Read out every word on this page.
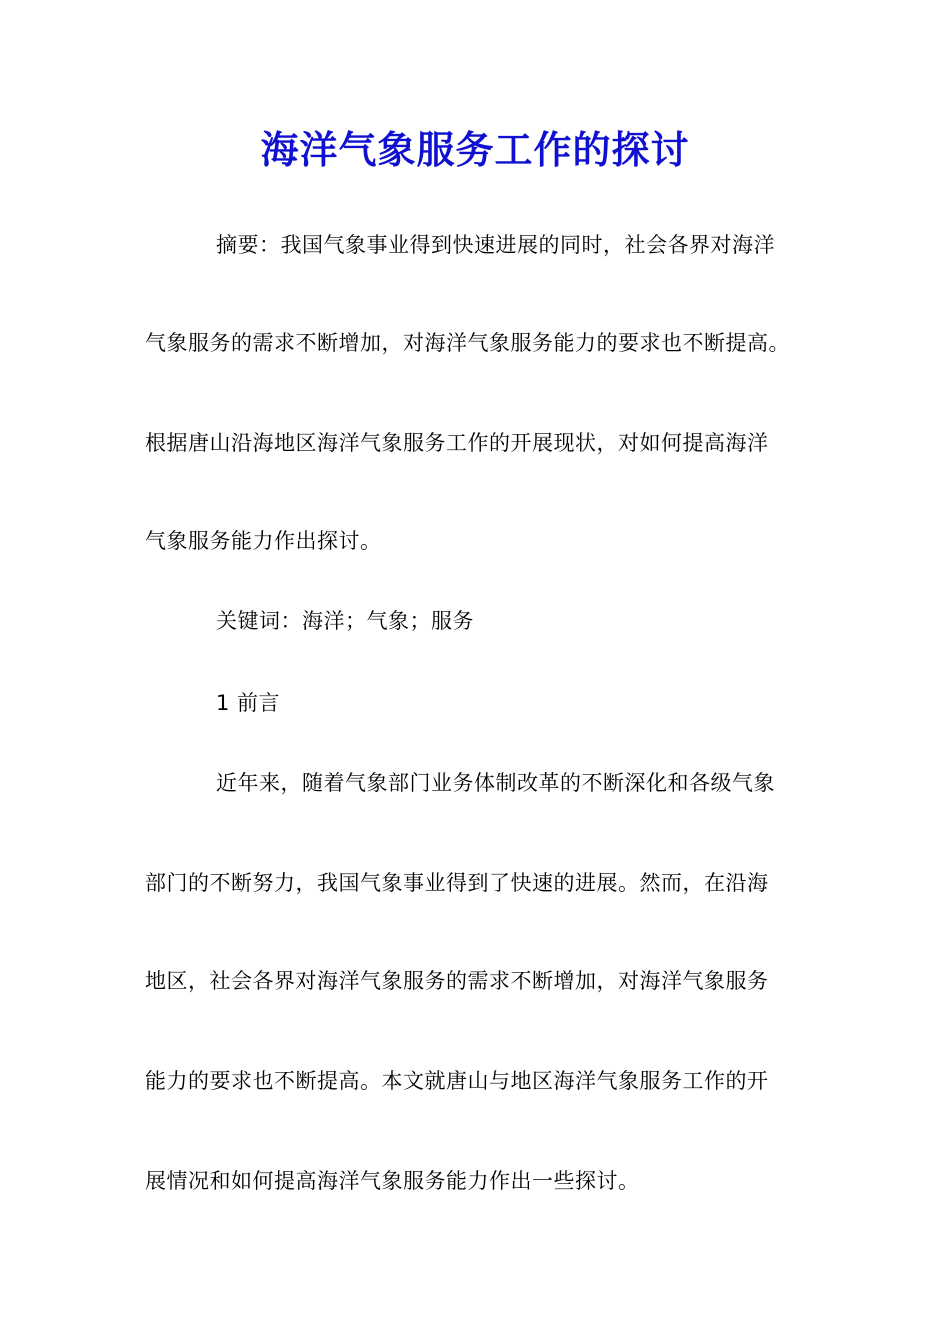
海洋气象服务工作的探讨
摘要：我国气象事业得到快速进展的同时，社会各界对海洋
气象服务的需求不断增加，对海洋气象服务能力的要求也不断提高。
根据唐山沿海地区海洋气象服务工作的开展现状，对如何提高海洋
气象服务能力作出探讨。
关键词：海洋；气象；服务
1 前言
近年来，随着气象部门业务体制改革的不断深化和各级气象
部门的不断努力，我国气象事业得到了快速的进展。然而，在沿海
地区，社会各界对海洋气象服务的需求不断增加，对海洋气象服务
能力的要求也不断提高。本文就唐山与地区海洋气象服务工作的开
展情况和如何提高海洋气象服务能力作出一些探讨。
